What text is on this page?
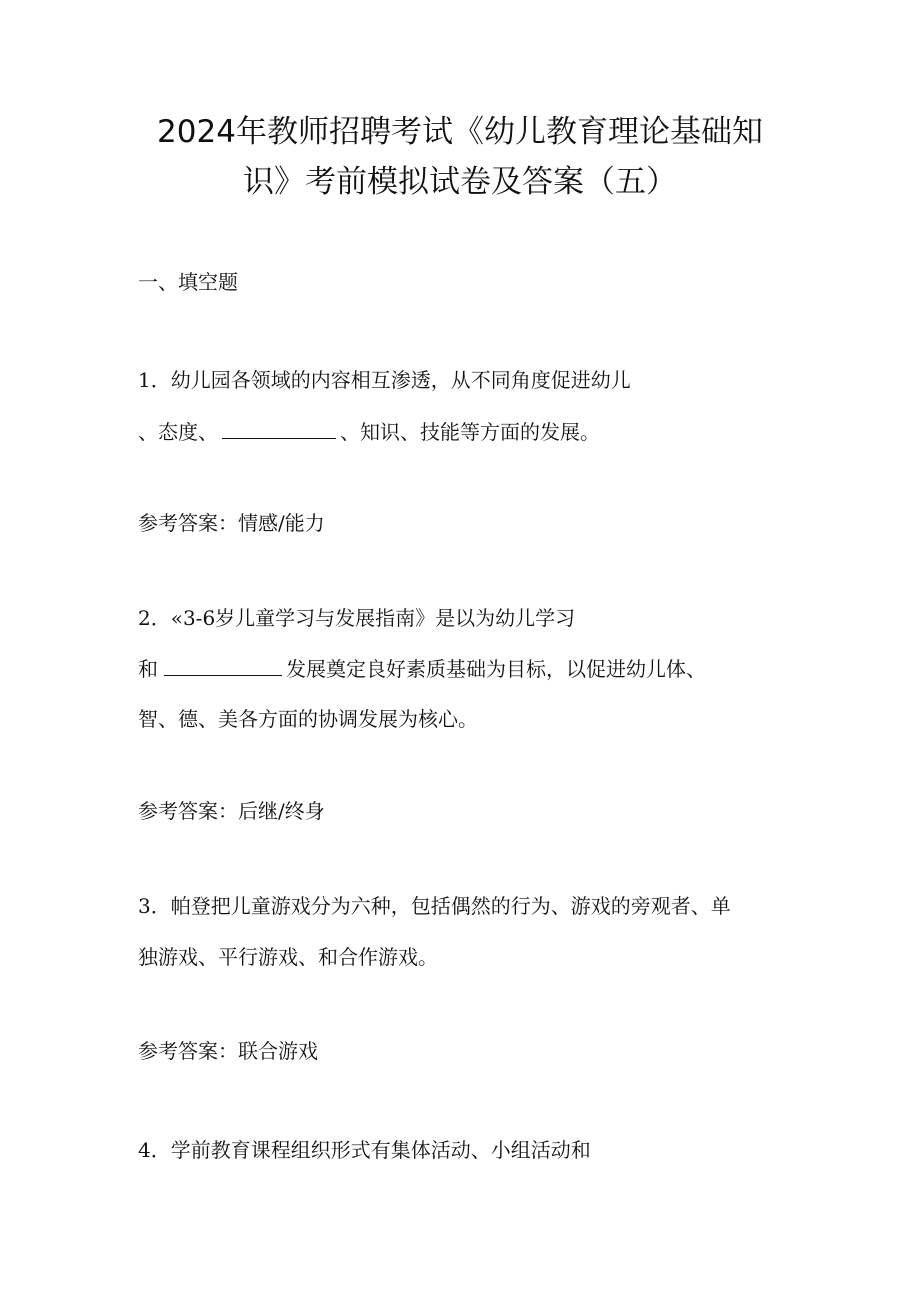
2024年教师招聘考试《幼儿教育理论基础知
识》考前模拟试卷及答案（五）
一、填空题
1．幼儿园各领域的内容相互渗透，从不同角度促进幼儿
、态度、	、知识、技能等方面的发展。
参考答案：情感/能力
2．«3-6岁儿童学习与发展指南》是以为幼儿学习
和	发展奠定良好素质基础为目标，以促进幼儿体、
智、德、美各方面的协调发展为核心。
参考答案：后继/终身
3．帕登把儿童游戏分为六种，包括偶然的行为、游戏的旁观者、单
独游戏、平行游戏、和合作游戏。
参考答案：联合游戏
4．学前教育课程组织形式有集体活动、小组活动和
